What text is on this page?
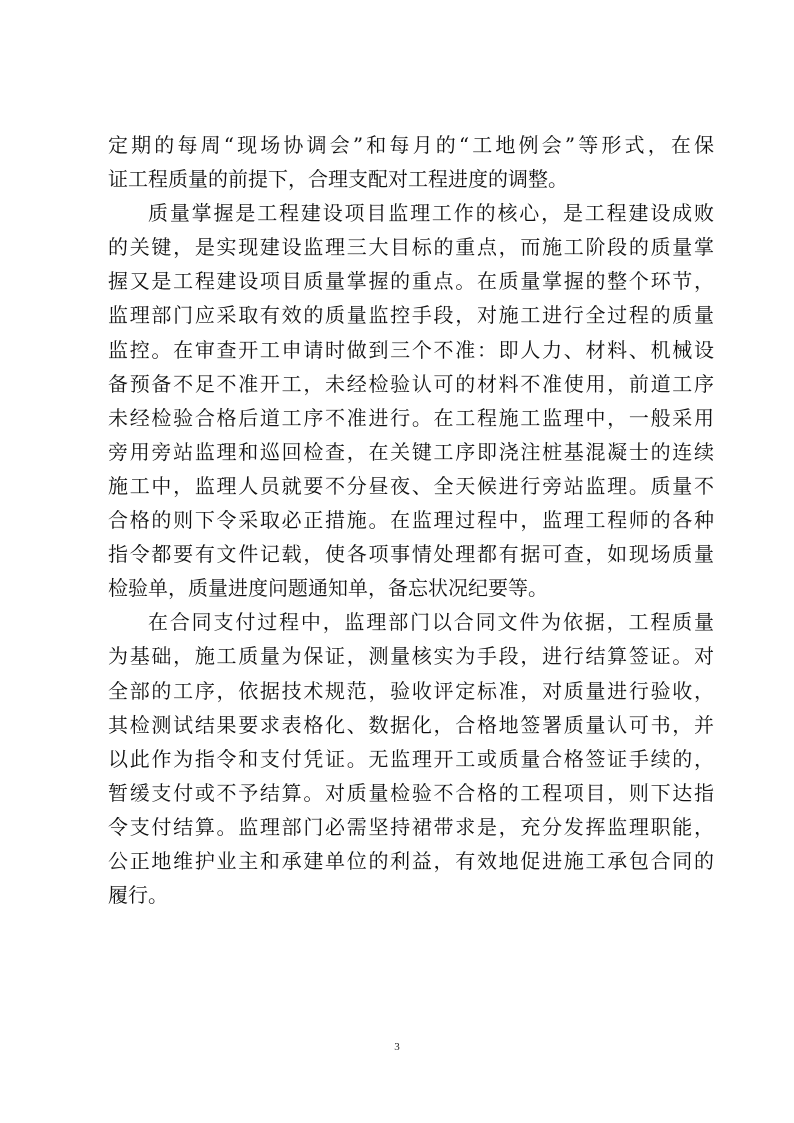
定期的每周“现场协调会”和每月的“工地例会”等形式，在保
证工程质量的前提下，合理支配对工程进度的调整。
质量掌握是工程建设项目监理工作的核心，是工程建设成败
的关键，是实现建设监理三大目标的重点，而施工阶段的质量掌
握又是工程建设项目质量掌握的重点。在质量掌握的整个环节，
监理部门应采取有效的质量监控手段，对施工进行全过程的质量
监控。在审查开工申请时做到三个不准：即人力、材料、机械设
备预备不足不准开工，未经检验认可的材料不准使用，前道工序
未经检验合格后道工序不准进行。在工程施工监理中，一般采用
旁用旁站监理和巡回检查，在关键工序即浇注桩基混凝士的连续
施工中，监理人员就要不分昼夜、全天候进行旁站监理。质量不
合格的则下令采取必正措施。在监理过程中，监理工程师的各种
指令都要有文件记载，使各项事情处理都有据可查，如现场质量
检验单，质量进度问题通知单，备忘状况纪要等。
在合同支付过程中，监理部门以合同文件为依据，工程质量
为基础，施工质量为保证，测量核实为手段，进行结算签证。对
全部的工序，依据技术规范，验收评定标准，对质量进行验收，
其检测试结果要求表格化、数据化，合格地签署质量认可书，并
以此作为指令和支付凭证。无监理开工或质量合格签证手续的，
暂缓支付或不予结算。对质量检验不合格的工程项目，则下达指
令支付结算。监理部门必需坚持裙带求是，充分发挥监理职能，
公正地维护业主和承建单位的利益，有效地促进施工承包合同的
履行。
3
